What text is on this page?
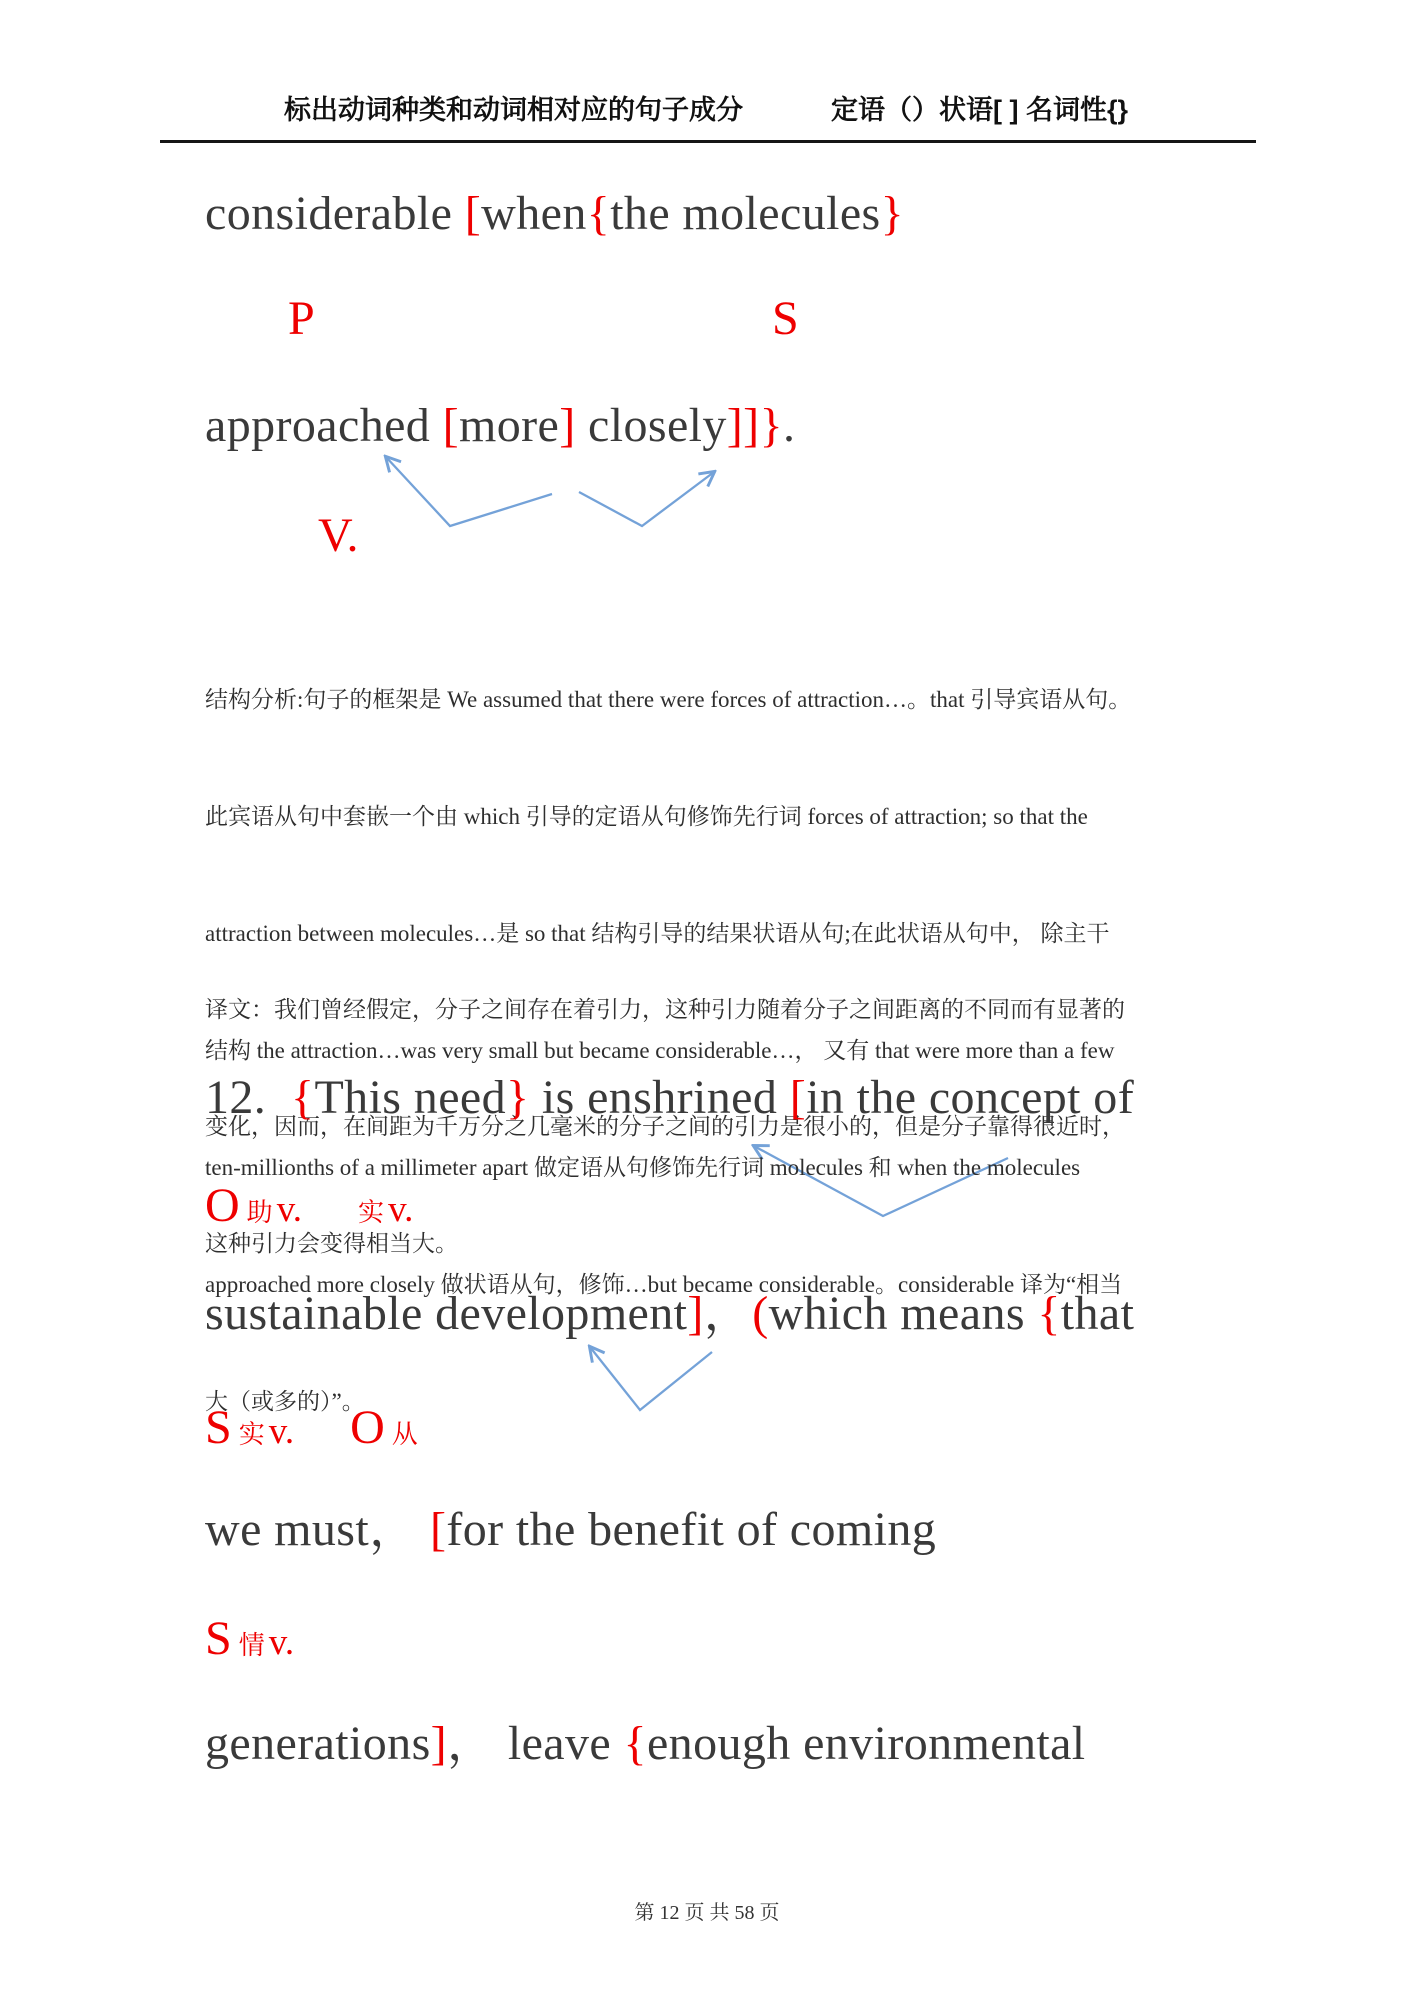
标出动词种类和动词相对应的句子成分	定语（）状语[ ] 名词性{}
considerable [when{the molecules}
P	S
approached [more] closely]]}.
V.

结构分析:句子的框架是 We assumed that there were forces of attraction…。that 引导宾语从句。

此宾语从句中套嵌一个由 which 引导的定语从句修饰先行词 forces of attraction; so that the

attraction between molecules…是 so that 结构引导的结果状语从句;在此状语从句中， 除主干

结构 the attraction…was very small but became considerable…， 又有 that were more than a few

ten-millionths of a millimeter apart 做定语从句修饰先行词 molecules 和 when the molecules

approached more closely 做状语从句，修饰…but became considerable。considerable 译为“相当

大（或多的）”。

译文：我们曾经假定，分子之间存在着引力，这种引力随着分子之间距离的不同而有显著的

变化，因而，在间距为千万分之几毫米的分子之间的引力是很小的，但是分子靠得很近时，

这种引力会变得相当大。

12.  {This need} is enshrined [in the concept of
O助 v. 实 v.
sustainable development]，(which means {that
S实 v. O 从
we must， [for the benefit of coming
S情 v.
generations]， leave {enough environmental
第 12 页 共 58 页
